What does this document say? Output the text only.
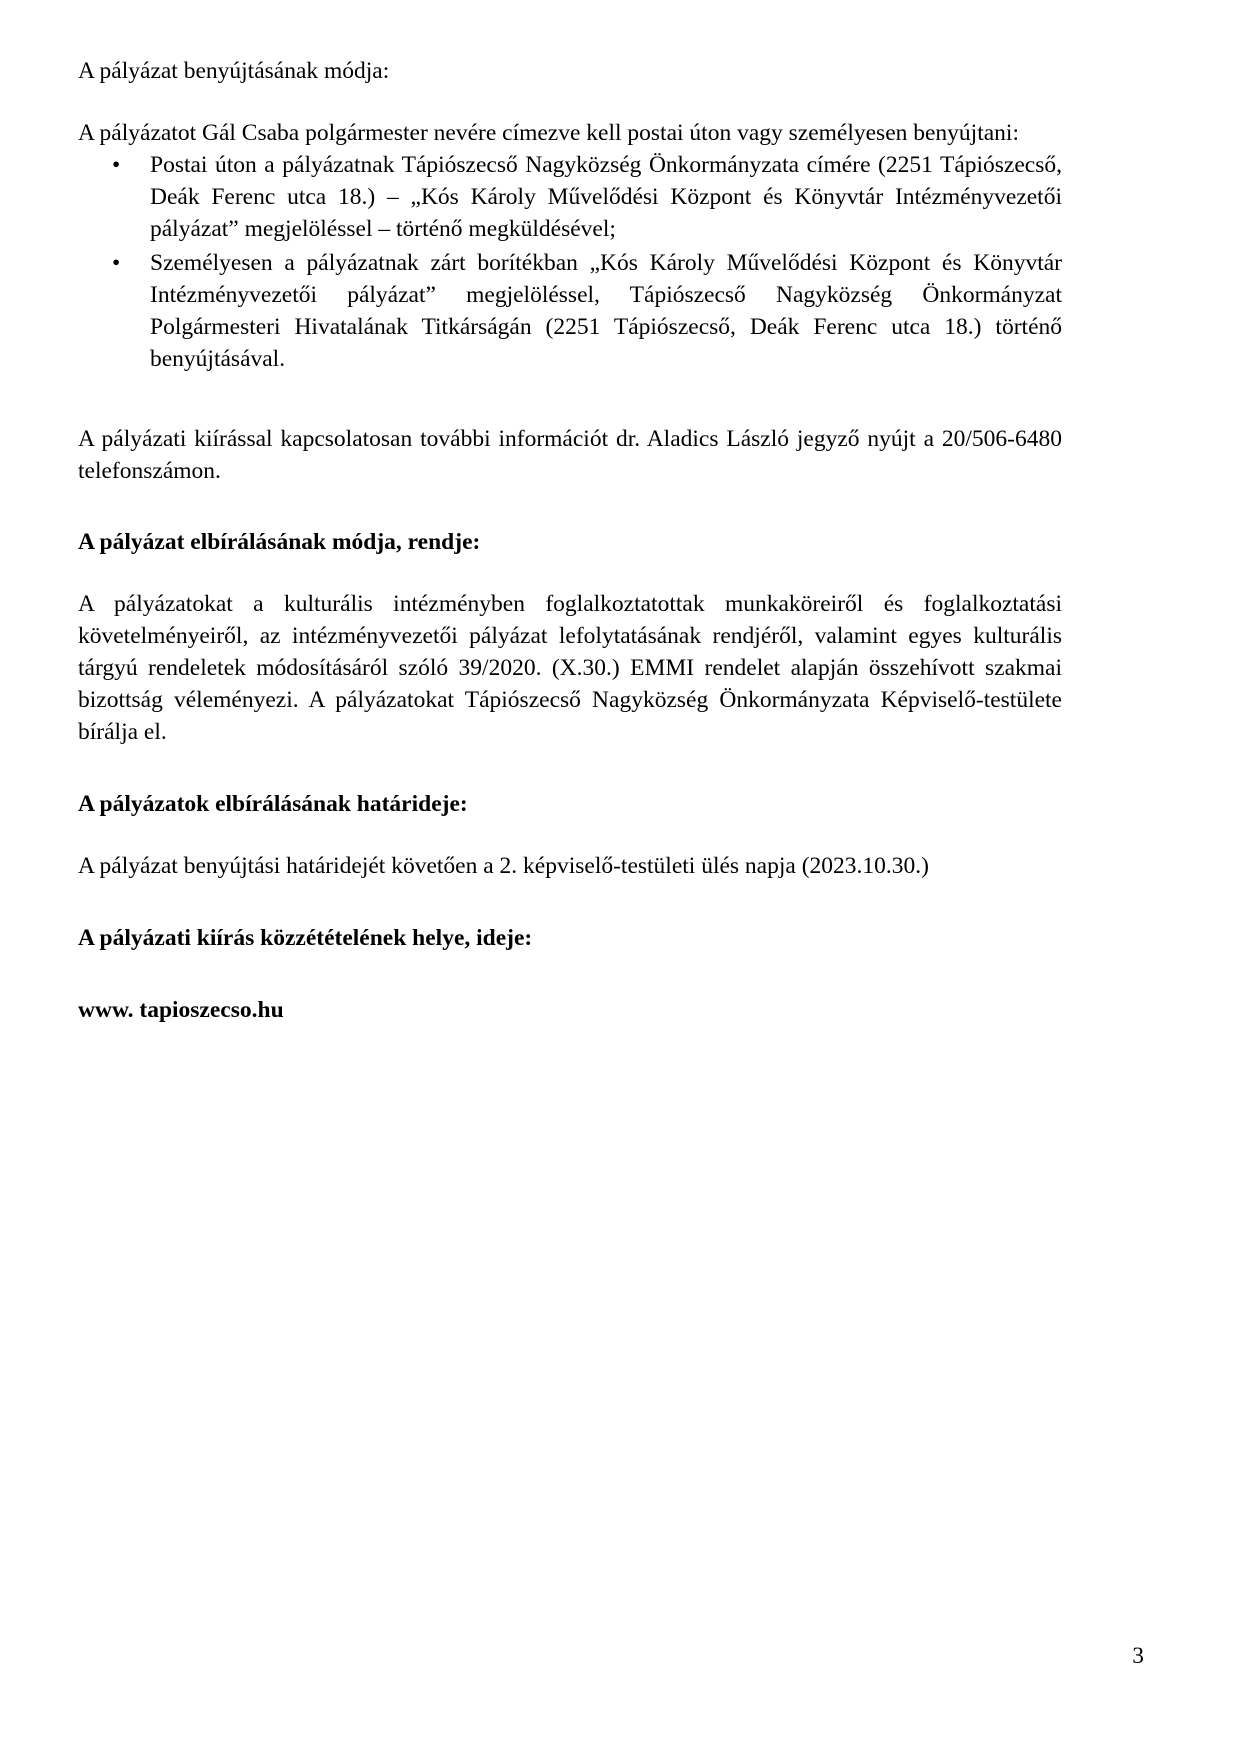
A pályázat benyújtásának módja:

A pályázatot Gál Csaba polgármester nevére címezve kell postai úton vagy személyesen benyújtani:

• Postai úton a pályázatnak Tápiószecső Nagyközség Önkormányzata címére (2251 Tápiószecső, Deák Ferenc utca 18.) – „Kós Károly Művelődési Központ és Könyvtár Intézményvezetői pályázat” megjelöléssel – történő megküldésével;
• Személyesen a pályázatnak zárt borítékban „Kós Károly Művelődési Központ és Könyvtár Intézményvezetői pályázat” megjelöléssel, Tápiószecső Nagyközség Önkormányzat Polgármesteri Hivatalának Titkárságán (2251 Tápiószecső, Deák Ferenc utca 18.) történő benyújtásával.

A pályázati kiírással kapcsolatosan további információt dr. Aladics László jegyző nyújt a 20/506-6480 telefonszámon.

A pályázat elbírálásának módja, rendje:

A pályázatokat a kulturális intézményben foglalkoztatottak munkaköreiről és foglalkoztatási követelményeiről, az intézményvezetői pályázat lefolytatásának rendjéről, valamint egyes kulturális tárgyú rendeletek módosításáról szóló 39/2020. (X.30.) EMMI rendelet alapján összehívott szakmai bizottság véleményezi. A pályázatokat Tápiószecső Nagyközség Önkormányzata Képviselő-testülete bírálja el.

A pályázatok elbírálásának határideje:

A pályázat benyújtási határidejét követően a 2. képviselő-testületi ülés napja (2023.10.30.)

A pályázati kiírás közzétételének helye, ideje:

www. tapioszecso.hu

3
